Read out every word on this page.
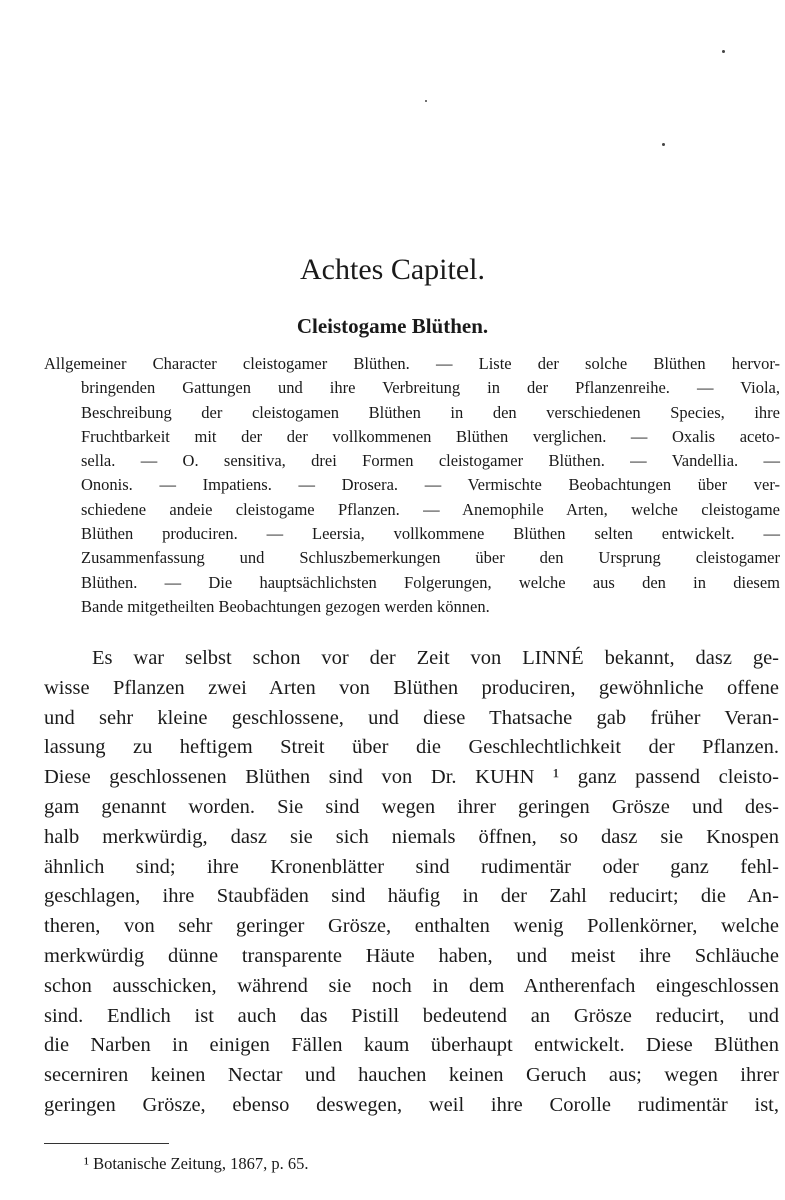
Achtes Capitel.
Cleistogame Blüthen.
Allgemeiner Character cleistogamer Blüthen. — Liste der solche Blüthen hervor-
bringenden Gattungen und ihre Verbreitung in der Pflanzenreihe. — Viola,
Beschreibung der cleistogamen Blüthen in den verschiedenen Species, ihre
Fruchtbarkeit mit der der vollkommenen Blüthen verglichen. — Oxalis aceto-
sella. — O. sensitiva, drei Formen cleistogamer Blüthen. — Vandellia. —
Ononis. — Impatiens. — Drosera. — Vermischte Beobachtungen über ver-
schiedene andeie cleistogame Pflanzen. — Anemophile Arten, welche cleistogame
Blüthen produciren. — Leersia, vollkommene Blüthen selten entwickelt. —
Zusammenfassung und Schluszbemerkungen über den Ursprung cleistogamer
Blüthen. — Die hauptsächlichsten Folgerungen, welche aus den in diesem
Bande mitgetheilten Beobachtungen gezogen werden können.
Es war selbst schon vor der Zeit von LINNÉ bekannt, dasz ge-
wisse Pflanzen zwei Arten von Blüthen produciren, gewöhnliche offene
und sehr kleine geschlossene, und diese Thatsache gab früher Veran-
lassung zu heftigem Streit über die Geschlechtlichkeit der Pflanzen.
Diese geschlossenen Blüthen sind von Dr. KUHN ¹ ganz passend cleisto-
gam genannt worden. Sie sind wegen ihrer geringen Grösze und des-
halb merkwürdig, dasz sie sich niemals öffnen, so dasz sie Knospen
ähnlich sind; ihre Kronenblätter sind rudimentär oder ganz fehl-
geschlagen, ihre Staubfäden sind häufig in der Zahl reducirt; die An-
theren, von sehr geringer Grösze, enthalten wenig Pollenkörner, welche
merkwürdig dünne transparente Häute haben, und meist ihre Schläuche
schon ausschicken, während sie noch in dem Antherenfach eingeschlossen
sind. Endlich ist auch das Pistill bedeutend an Grösze reducirt, und
die Narben in einigen Fällen kaum überhaupt entwickelt. Diese Blüthen
secerniren keinen Nectar und hauchen keinen Geruch aus; wegen ihrer
geringen Grösze, ebenso deswegen, weil ihre Corolle rudimentär ist,
¹ Botanische Zeitung, 1867, p. 65.
